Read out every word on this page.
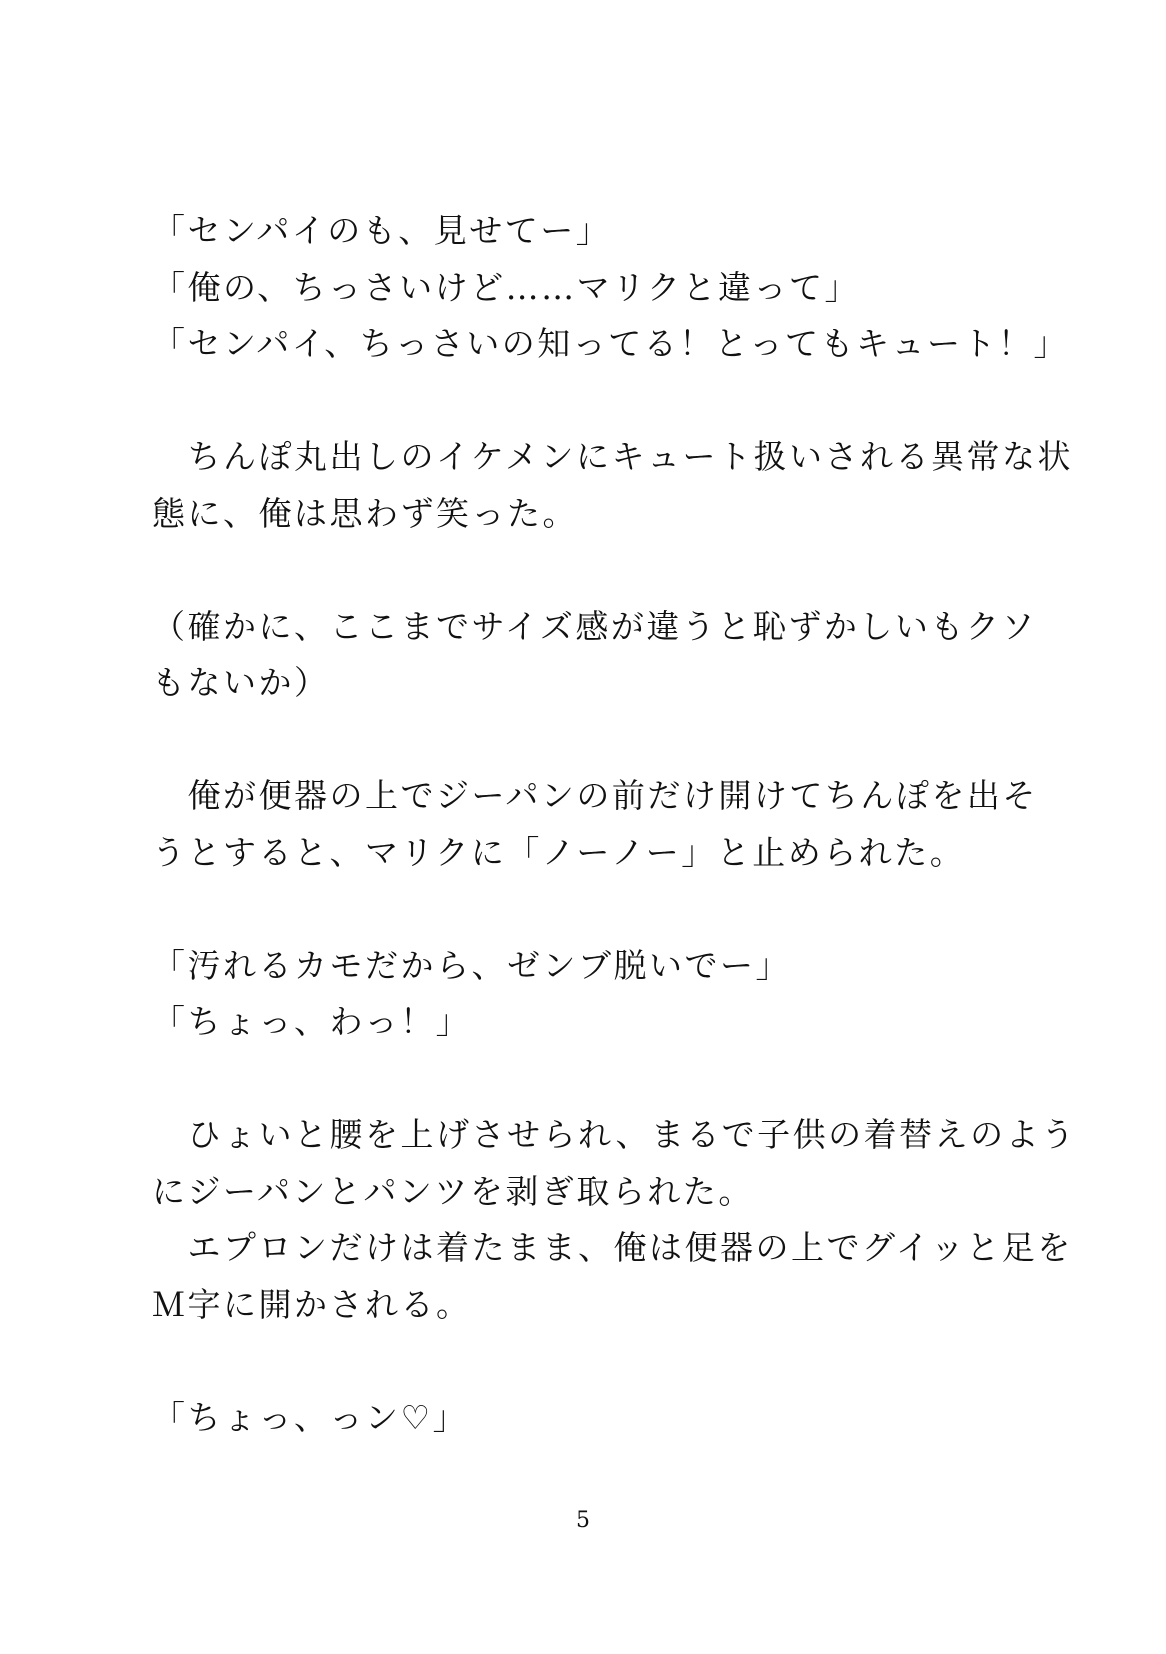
「センパイのも、見せてー」
「俺の、ちっさいけど……マリクと違って」
「センパイ、ちっさいの知ってる！とってもキュート！」
　ちんぽ丸出しのイケメンにキュート扱いされる異常な状
態に、俺は思わず笑った。
（確かに、ここまでサイズ感が違うと恥ずかしいもクソ
もないか）
　俺が便器の上でジーパンの前だけ開けてちんぽを出そ
うとすると、マリクに「ノーノー」と止められた。
「汚れるカモだから、ゼンブ脱いでー」
「ちょっ、わっ！」
　ひょいと腰を上げさせられ、まるで子供の着替えのよう
にジーパンとパンツを剥ぎ取られた。
　エプロンだけは着たまま、俺は便器の上でグイッと足を
Ｍ字に開かされる。
「ちょっ、っン♡」
5
